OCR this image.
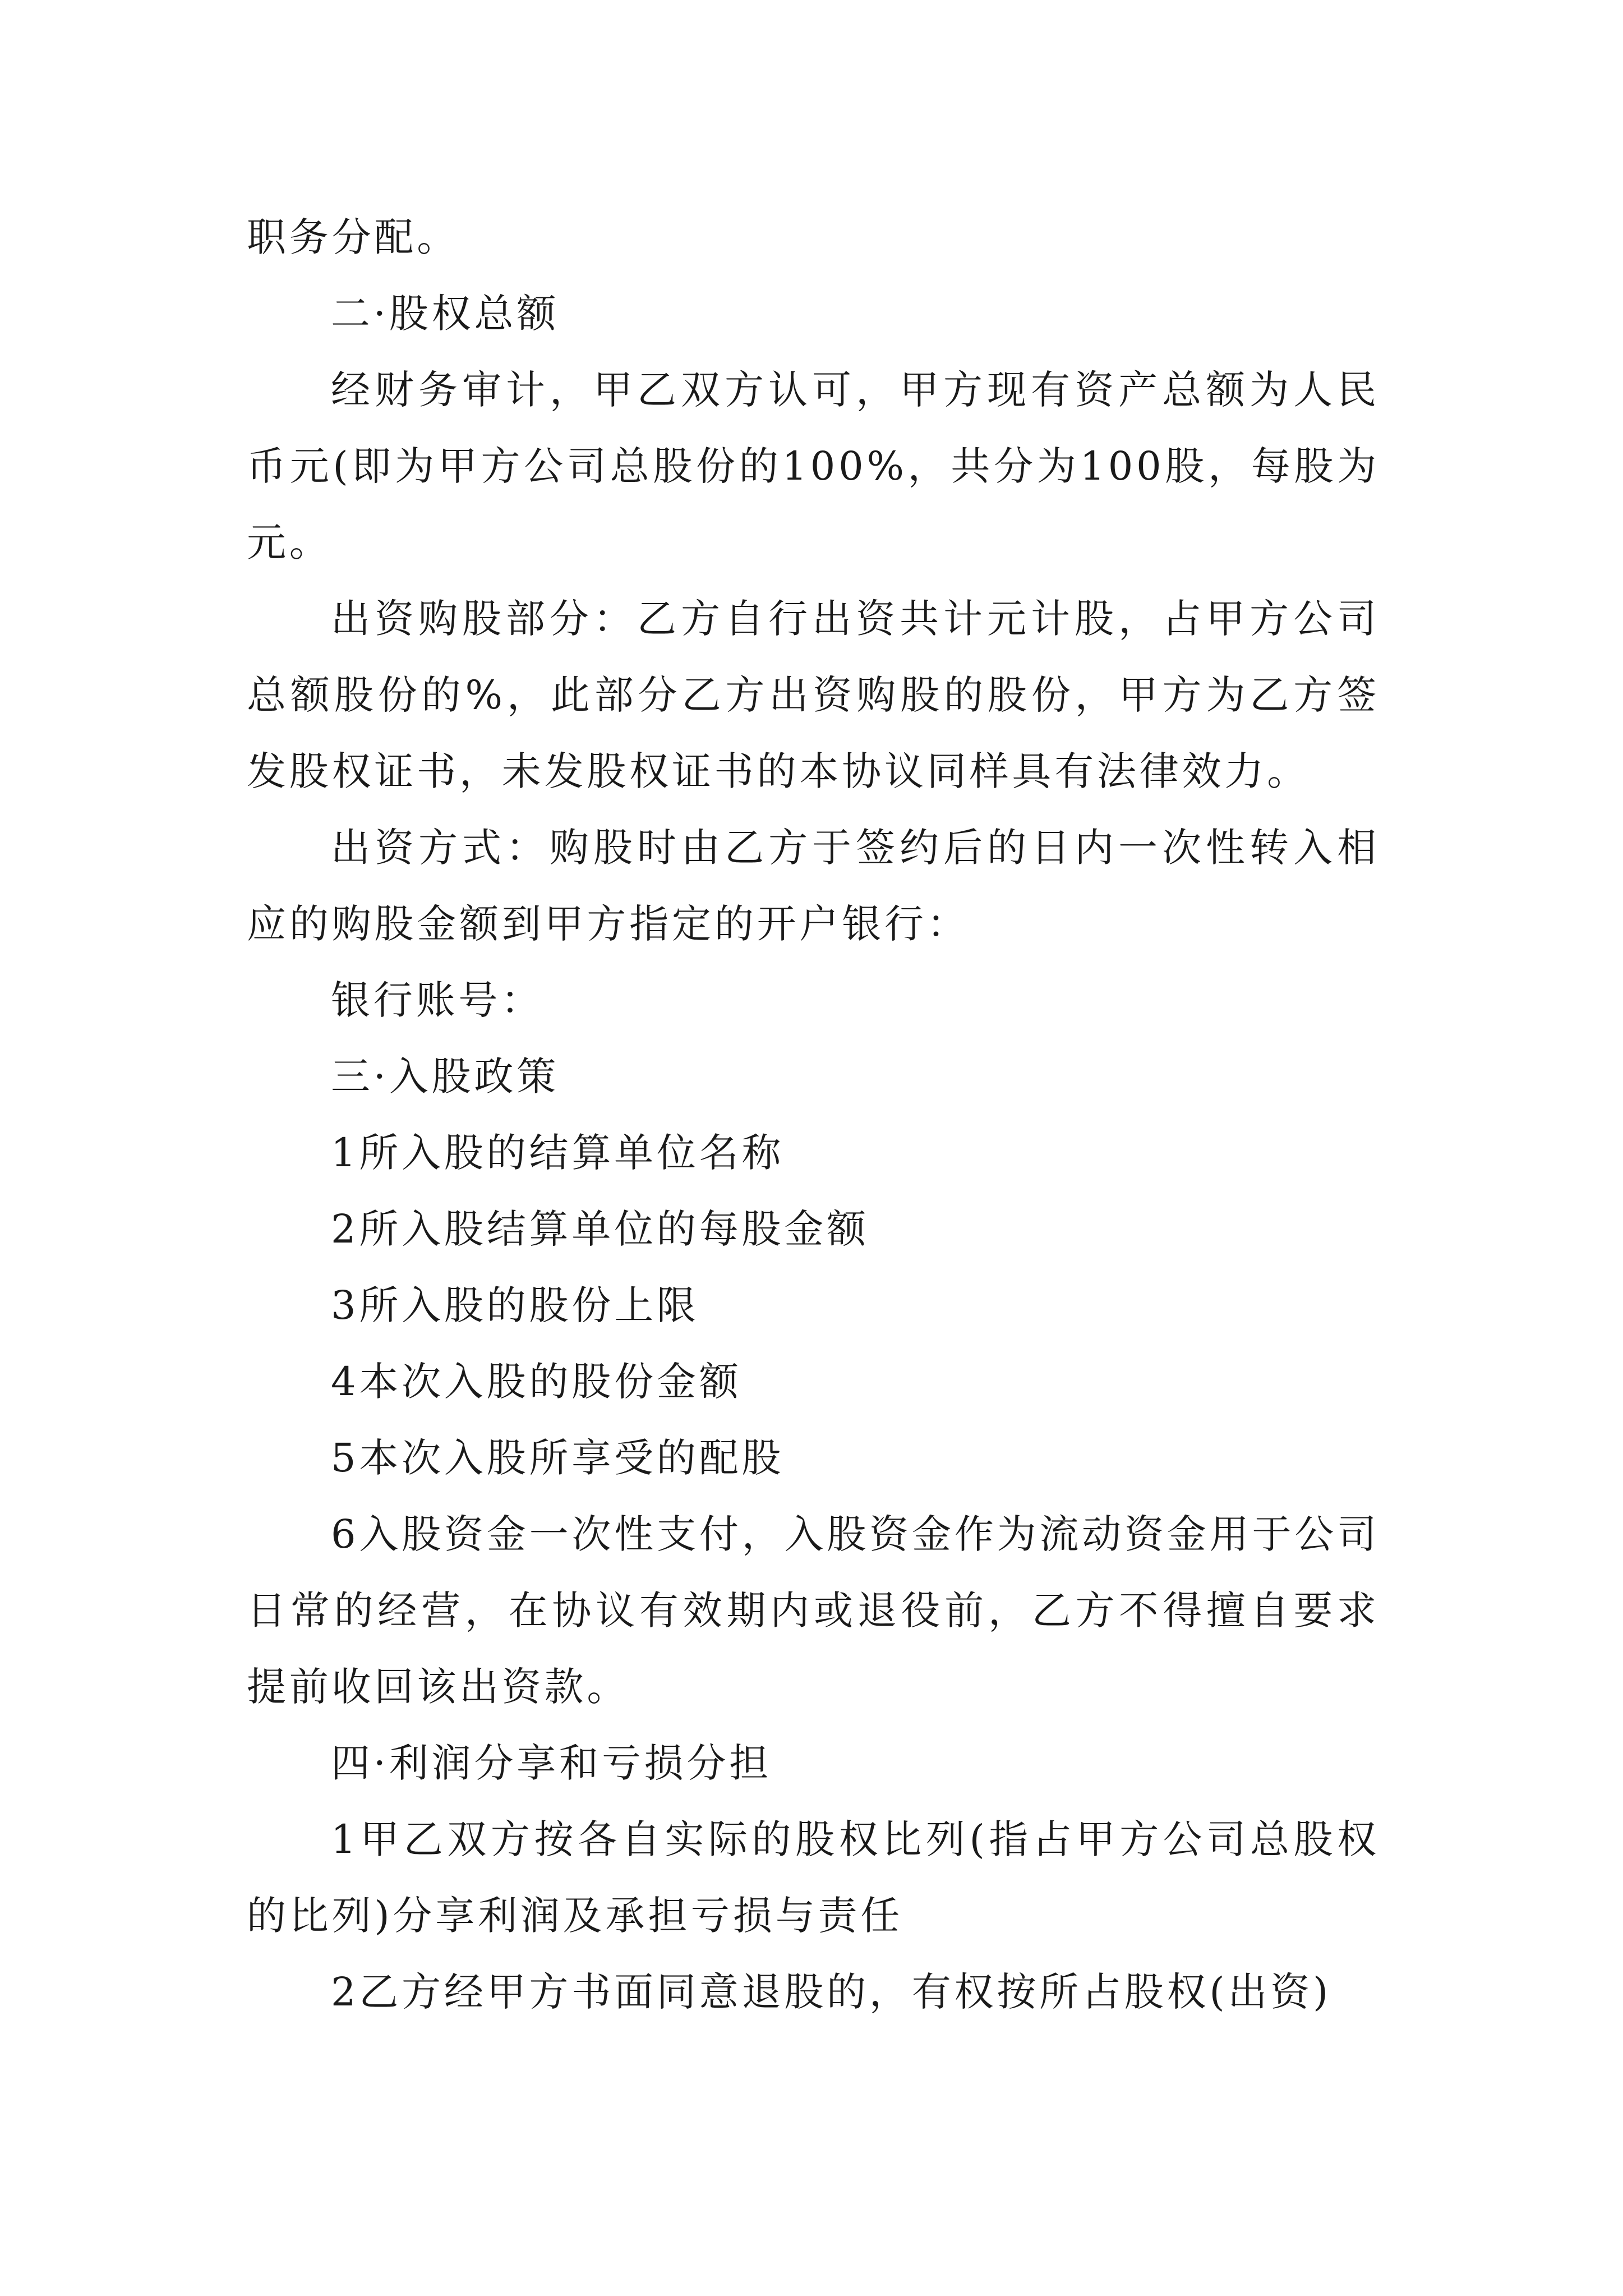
职务分配。

二·股权总额

经财务审计，甲乙双方认可，甲方现有资产总额为人民币元(即为甲方公司总股份的100%，共分为100股，每股为元。

出资购股部分：乙方自行出资共计元计股，占甲方公司总额股份的%，此部分乙方出资购股的股份，甲方为乙方签发股权证书，未发股权证书的本协议同样具有法律效力。

出资方式：购股时由乙方于签约后的日内一次性转入相应的购股金额到甲方指定的开户银行：

银行账号：

三·入股政策

1所入股的结算单位名称

2所入股结算单位的每股金额

3所入股的股份上限

4本次入股的股份金额

5本次入股所享受的配股

6入股资金一次性支付，入股资金作为流动资金用于公司日常的经营，在协议有效期内或退役前，乙方不得擅自要求提前收回该出资款。

四·利润分享和亏损分担

1甲乙双方按各自实际的股权比列(指占甲方公司总股权的比列)分享利润及承担亏损与责任

2乙方经甲方书面同意退股的，有权按所占股权(出资)
